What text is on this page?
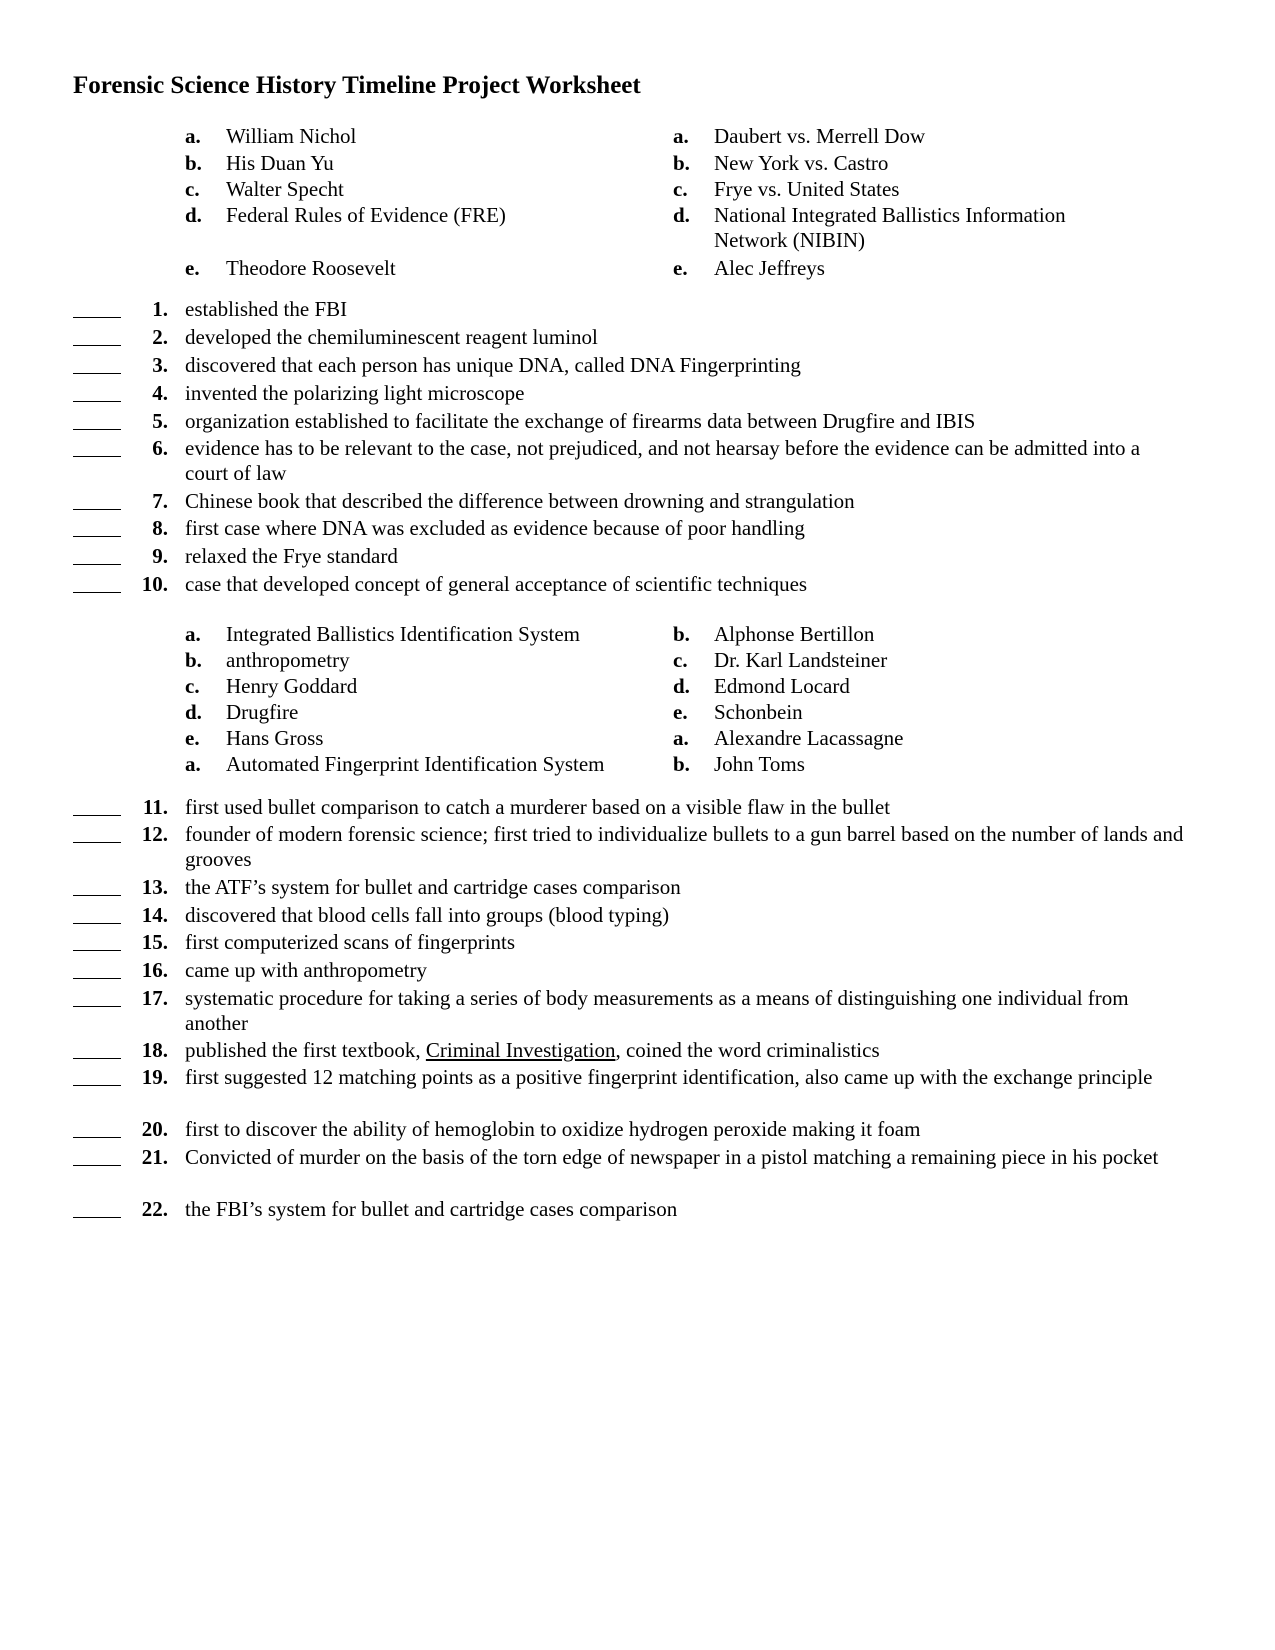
Forensic Science History Timeline Project Worksheet
a. William Nichol
b. His Duan Yu
c. Walter Specht
d. Federal Rules of Evidence (FRE)
e. Theodore Roosevelt
a. Daubert vs. Merrell Dow
b. New York vs. Castro
c. Frye vs. United States
d. National Integrated Ballistics Information Network (NIBIN)
e. Alec Jeffreys
1. established the FBI
2. developed the chemiluminescent reagent luminol
3. discovered that each person has unique DNA, called DNA Fingerprinting
4. invented the polarizing light microscope
5. organization established to facilitate the exchange of firearms data between Drugfire and IBIS
6. evidence has to be relevant to the case, not prejudiced, and not hearsay before the evidence can be admitted into a court of law
7. Chinese book that described the difference between drowning and strangulation
8. first case where DNA was excluded as evidence because of poor handling
9. relaxed the Frye standard
10. case that developed concept of general acceptance of scientific techniques
a. Integrated Ballistics Identification System
b. anthropometry
c. Henry Goddard
d. Drugfire
e. Hans Gross
a. Automated Fingerprint Identification System
b. Alphonse Bertillon
c. Dr. Karl Landsteiner
d. Edmond Locard
e. Schonbein
a. Alexandre Lacassagne
b. John Toms
11. first used bullet comparison to catch a murderer based on a visible flaw in the bullet
12. founder of modern forensic science; first tried to individualize bullets to a gun barrel based on the number of lands and grooves
13. the ATF’s system for bullet and cartridge cases comparison
14. discovered that blood cells fall into groups (blood typing)
15. first computerized scans of fingerprints
16. came up with anthropometry
17. systematic procedure for taking a series of body measurements as a means of distinguishing one individual from another
18. published the first textbook, Criminal Investigation, coined the word criminalistics
19. first suggested 12 matching points as a positive fingerprint identification, also came up with the exchange principle
20. first to discover the ability of hemoglobin to oxidize hydrogen peroxide making it foam
21. Convicted of murder on the basis of the torn edge of newspaper in a pistol matching a remaining piece in his pocket
22. the FBI’s system for bullet and cartridge cases comparison
